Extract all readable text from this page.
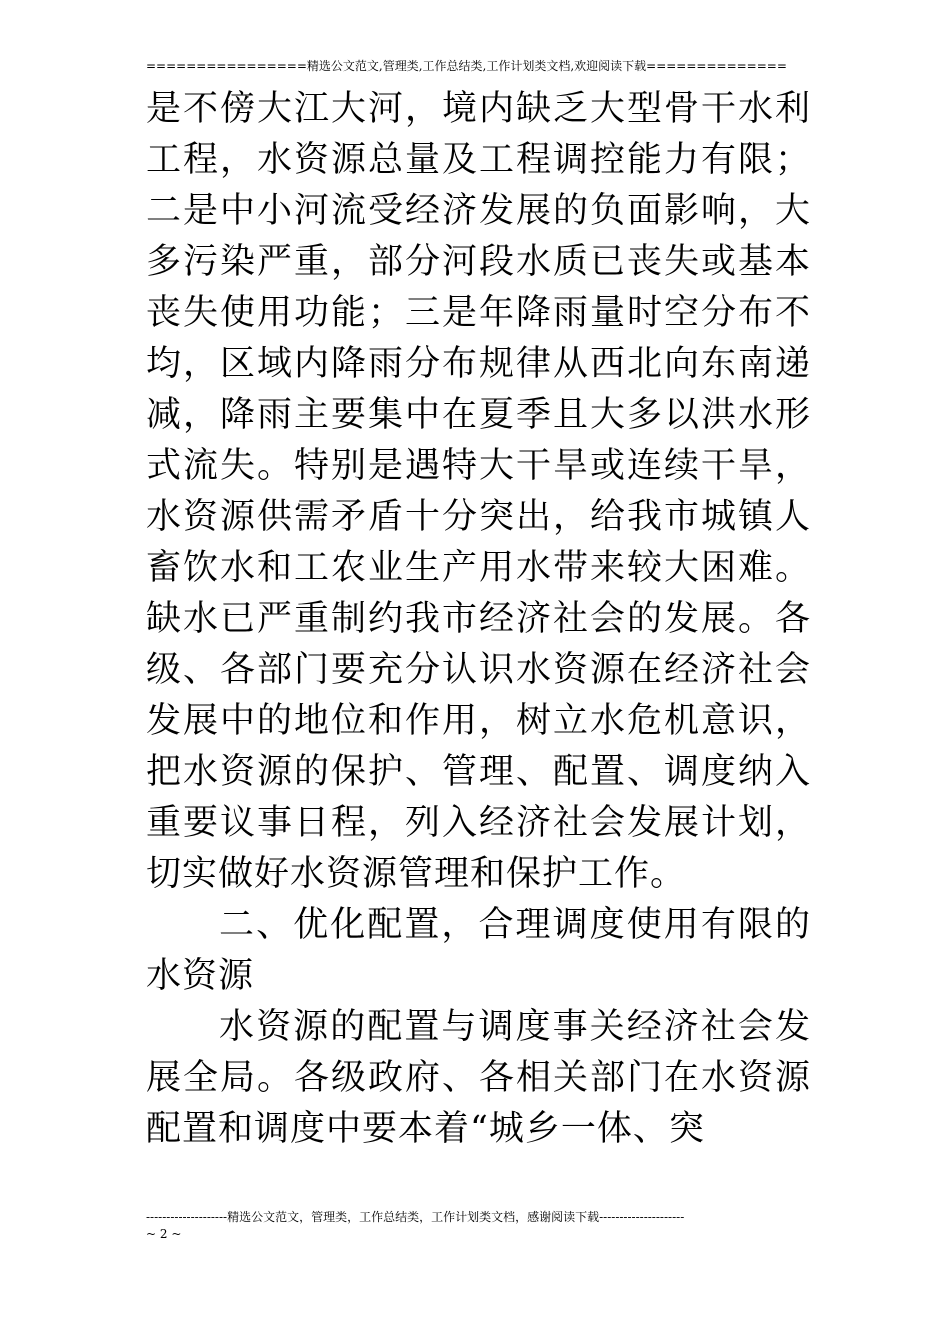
================精选公文范文,管理类,工作总结类,工作计划类文档,欢迎阅读下载==============

是不傍大江大河，境内缺乏大型骨干水利工程，水资源总量及工程调控能力有限；二是中小河流受经济发展的负面影响，大多污染严重，部分河段水质已丧失或基本丧失使用功能；三是年降雨量时空分布不均，区域内降雨分布规律从西北向东南递减，降雨主要集中在夏季且大多以洪水形式流失。特别是遇特大干旱或连续干旱，水资源供需矛盾十分突出，给我市城镇人畜饮水和工农业生产用水带来较大困难。缺水已严重制约我市经济社会的发展。各级、各部门要充分认识水资源在经济社会发展中的地位和作用，树立水危机意识，把水资源的保护、管理、配置、调度纳入重要议事日程，列入经济社会发展计划，切实做好水资源管理和保护工作。

二、优化配置，合理调度使用有限的水资源

水资源的配置与调度事关经济社会发展全局。各级政府、各相关部门在水资源配置和调度中要本着“城乡一体、突

--------------------精选公文范文，管理类，工作总结类，工作计划类文档，感谢阅读下载---------------------
~ 2 ~
